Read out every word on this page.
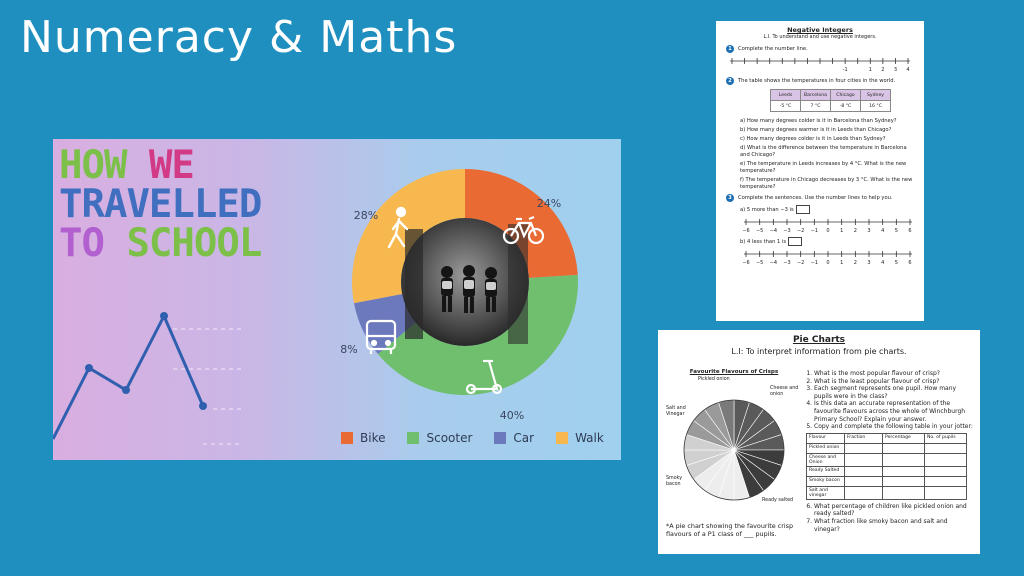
Numeracy & Maths
HOW WE
TRAVELLED
TO SCHOOL
24%
40%
8%
28%
Bike	Scooter	Car	Walk
Negative Integers
L.I. To understand and use negative integers.
1 Complete the number line.
-1	1 2 3 4
2 The table shows the temperatures in four cities in the world.
Leeds	Barcelona	Chicago	Sydney
-5 °C	7 °C	-8 °C	16 °C
a) How many degrees colder is it in Barcelona than Sydney?
b) How many degrees warmer is it in Leeds than Chicago?
c) How many degrees colder is it in Leeds than Sydney?
d) What is the difference between the temperature in Barcelona and Chicago?
e) The temperature in Leeds increases by 4 °C. What is the new temperature?
f) The temperature in Chicago decreases by 3 °C. What is the new temperature?
3 Complete the sentences. Use the number lines to help you.
a) 5 more than −3 is
−6 −5 −4 −3 −2 −1 0 1 2 3 4 5 6
b) 4 less than 1 is
−6 −5 −4 −3 −2 −1 0 1 2 3 4 5 6
Pie Charts
L.I: To interpret information from pie charts.
Favourite Flavours of Crisps
Pickled onion
Cheese and onion
Salt and Vinegar
Smoky bacon
Ready salted
1. What is the most popular flavour of crisp?
2. What is the least popular flavour of crisp?
3. Each segment represents one pupil. How many pupils were in the class?
4. Is this data an accurate representation of the favourite flavours across the whole of Winchburgh Primary School? Explain your answer.
5. Copy and complete the following table in your jotter:
Flavour	Fraction	Percentage	No. of pupils
Pickled onion			
Cheese and Onion			
Ready Salted			
Smoky bacon			
Salt and vinegar			
6. What percentage of children like pickled onion and ready salted?
7. What fraction like smoky bacon and salt and vinegar?
*A pie chart showing the favourite crisp flavours of a P1 class of ___ pupils.
